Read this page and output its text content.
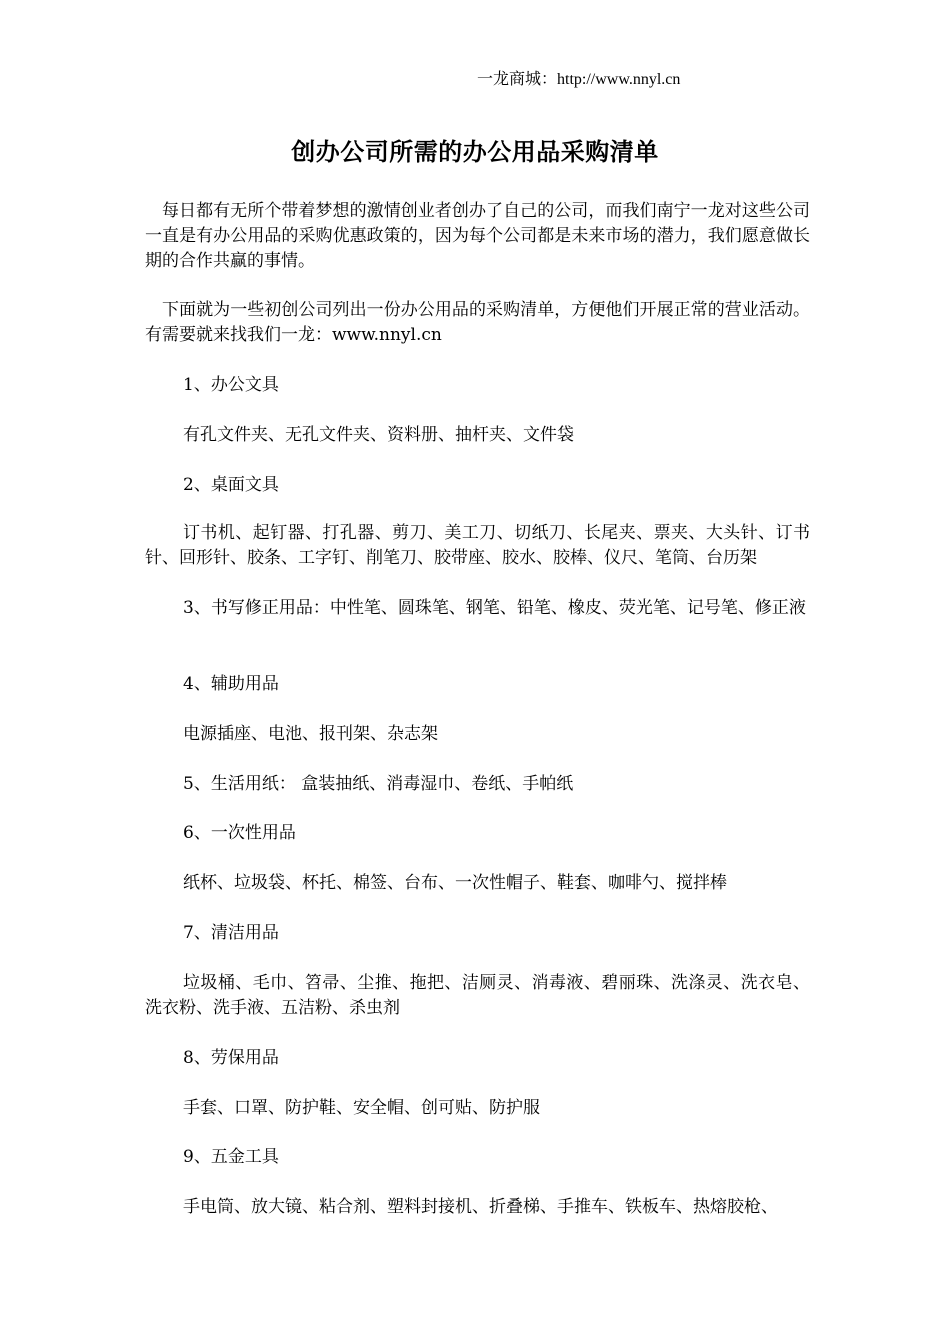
一龙商城：http://www.nnyl.cn
创办公司所需的办公用品采购清单

每日都有无所个带着梦想的激情创业者创办了自己的公司，而我们南宁一龙对这些公司一直是有办公用品的采购优惠政策的，因为每个公司都是未来市场的潜力，我们愿意做长期的合作共赢的事情。

下面就为一些初创公司列出一份办公用品的采购清单，方便他们开展正常的营业活动。有需要就来找我们一龙：www.nnyl.cn

1、办公文具

有孔文件夹、无孔文件夹、资料册、抽杆夹、文件袋

2、桌面文具

订书机、起钉器、打孔器、剪刀、美工刀、切纸刀、长尾夹、票夹、大头针、订书针、回形针、胶条、工字钉、削笔刀、胶带座、胶水、胶棒、仪尺、笔筒、台历架

3、书写修正用品：中性笔、圆珠笔、钢笔、铅笔、橡皮、荧光笔、记号笔、修正液

4、辅助用品

电源插座、电池、报刊架、杂志架

5、生活用纸： 盒装抽纸、消毒湿巾、卷纸、手帕纸

6、一次性用品

纸杯、垃圾袋、杯托、棉签、台布、一次性帽子、鞋套、咖啡勺、搅拌棒

7、清洁用品

垃圾桶、毛巾、笤帚、尘推、拖把、洁厕灵、消毒液、碧丽珠、洗涤灵、洗衣皂、洗衣粉、洗手液、五洁粉、杀虫剂

8、劳保用品

手套、口罩、防护鞋、安全帽、创可贴、防护服

9、五金工具

手电筒、放大镜、粘合剂、塑料封接机、折叠梯、手推车、铁板车、热熔胶枪、
